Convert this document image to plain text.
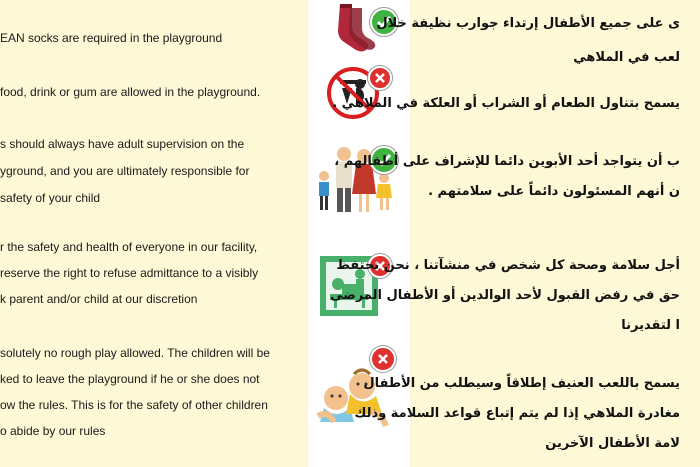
EAN socks are required in the playground
food, drink or gum are allowed in the playground.
s should always have adult supervision on the
yground, and you are ultimately responsible for
safety of your child
r the safety and health of everyone in our facility,
reserve the right to refuse admittance to a visibly
k parent and/or child at our discretion
solutely no rough play allowed. The children will be
ked to leave the playground if he or she does not
ow the rules. This is for the safety of other children
o abide by our rules
ى على جميع الأطفال إرتداء جوارب نظيفة خلال
لعب في الملاهي
يسمح بتناول الطعام أو الشراب أو العلكة في الملاهي .
ب أن يتواجد أحد الأبوين دائما للإشراف على أطفالهم ،
ن أنهم المسئولون دائماً على سلامتهم .
أجل سلامة وصحة كل شخص في منشآتنا ، نحن نحتفظ
حق في رفض القبول لأحد الوالدين أو الأطفال المرضى
ا لتقديرنا
يسمح باللعب العنيف إطلاقاً وسيطلب من الأطفال
مغادرة الملاهي إذا لم يتم إتباع قواعد السلامة وذلك
لامة الأطفال الآخرين
